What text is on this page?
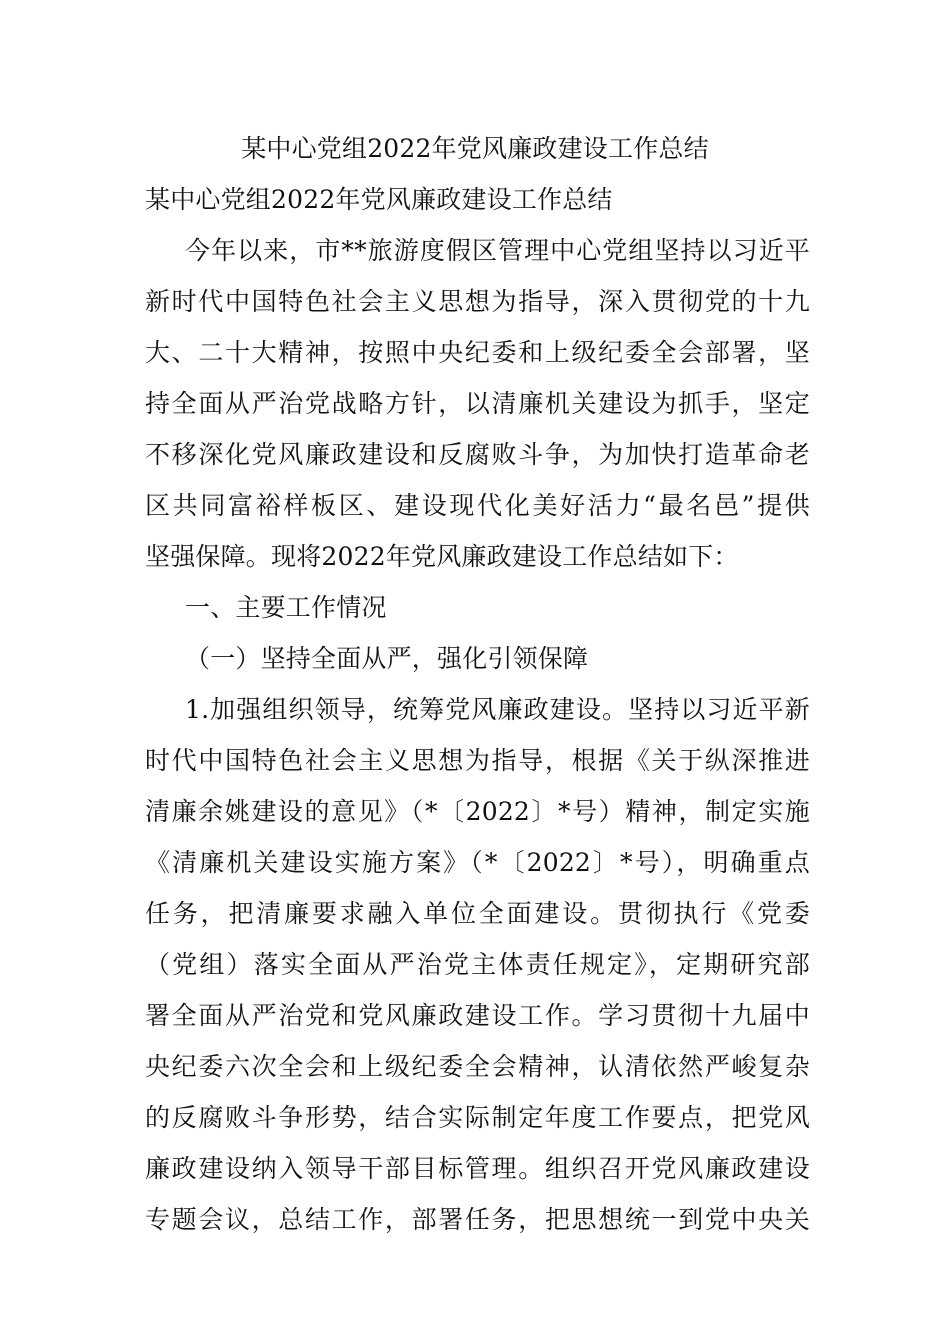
某中心党组2022年党风廉政建设工作总结
某中心党组2022年党风廉政建设工作总结
今年以来，市**旅游度假区管理中心党组坚持以习近平
新时代中国特色社会主义思想为指导，深入贯彻党的十九
大、二十大精神，按照中央纪委和上级纪委全会部署，坚
持全面从严治党战略方针，以清廉机关建设为抓手，坚定
不移深化党风廉政建设和反腐败斗争，为加快打造革命老
区共同富裕样板区、建设现代化美好活力“最名邑”提供
坚强保障。现将2022年党风廉政建设工作总结如下：
一、主要工作情况
（一）坚持全面从严，强化引领保障
1.加强组织领导，统筹党风廉政建设。坚持以习近平新
时代中国特色社会主义思想为指导，根据《关于纵深推进
清廉余姚建设的意见》（*〔2022〕*号）精神，制定实施
《清廉机关建设实施方案》（*〔2022〕*号），明确重点
任务，把清廉要求融入单位全面建设。贯彻执行《党委
（党组）落实全面从严治党主体责任规定》，定期研究部
署全面从严治党和党风廉政建设工作。学习贯彻十九届中
央纪委六次全会和上级纪委全会精神，认清依然严峻复杂
的反腐败斗争形势，结合实际制定年度工作要点，把党风
廉政建设纳入领导干部目标管理。组织召开党风廉政建设
专题会议，总结工作，部署任务，把思想统一到党中央关
